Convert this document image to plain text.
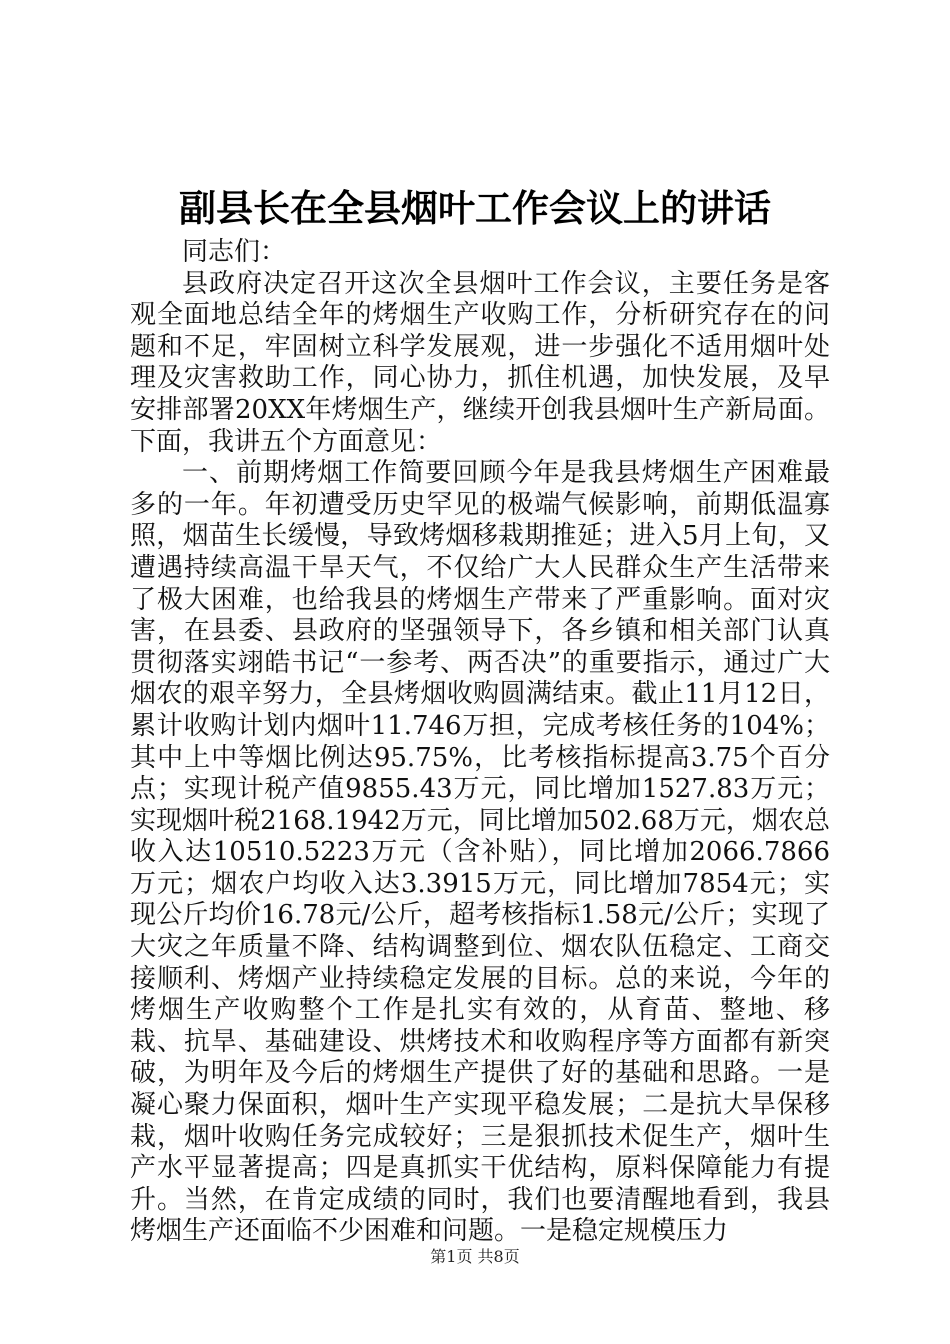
副县长在全县烟叶工作会议上的讲话

同志们：

县政府决定召开这次全县烟叶工作会议，主要任务是客观全面地总结全年的烤烟生产收购工作，分析研究存在的问题和不足，牢固树立科学发展观，进一步强化不适用烟叶处理及灾害救助工作，同心协力，抓住机遇，加快发展，及早安排部署20XX年烤烟生产，继续开创我县烟叶生产新局面。下面，我讲五个方面意见：

一、前期烤烟工作简要回顾今年是我县烤烟生产困难最多的一年。年初遭受历史罕见的极端气候影响，前期低温寡照，烟苗生长缓慢，导致烤烟移栽期推延；进入5月上旬，又遭遇持续高温干旱天气，不仅给广大人民群众生产生活带来了极大困难，也给我县的烤烟生产带来了严重影响。面对灾害，在县委、县政府的坚强领导下，各乡镇和相关部门认真贯彻落实翊皓书记“一参考、两否决”的重要指示，通过广大烟农的艰辛努力，全县烤烟收购圆满结束。截止11月12日，累计收购计划内烟叶11.746万担，完成考核任务的104%；其中上中等烟比例达95.75%，比考核指标提高3.75个百分点；实现计税产值9855.43万元，同比增加1527.83万元；实现烟叶税2168.1942万元，同比增加502.68万元，烟农总收入达10510.5223万元（含补贴），同比增加2066.7866万元；烟农户均收入达3.3915万元，同比增加7854元；实现公斤均价16.78元/公斤，超考核指标1.58元/公斤；实现了大灾之年质量不降、结构调整到位、烟农队伍稳定、工商交接顺利、烤烟产业持续稳定发展的目标。总的来说，今年的烤烟生产收购整个工作是扎实有效的，从育苗、整地、移栽、抗旱、基础建设、烘烤技术和收购程序等方面都有新突破，为明年及今后的烤烟生产提供了好的基础和思路。一是凝心聚力保面积，烟叶生产实现平稳发展；二是抗大旱保移栽，烟叶收购任务完成较好；三是狠抓技术促生产，烟叶生产水平显著提高；四是真抓实干优结构，原料保障能力有提升。当然，在肯定成绩的同时，我们也要清醒地看到，我县烤烟生产还面临不少困难和问题。一是稳定规模压力

第1页 共8页
